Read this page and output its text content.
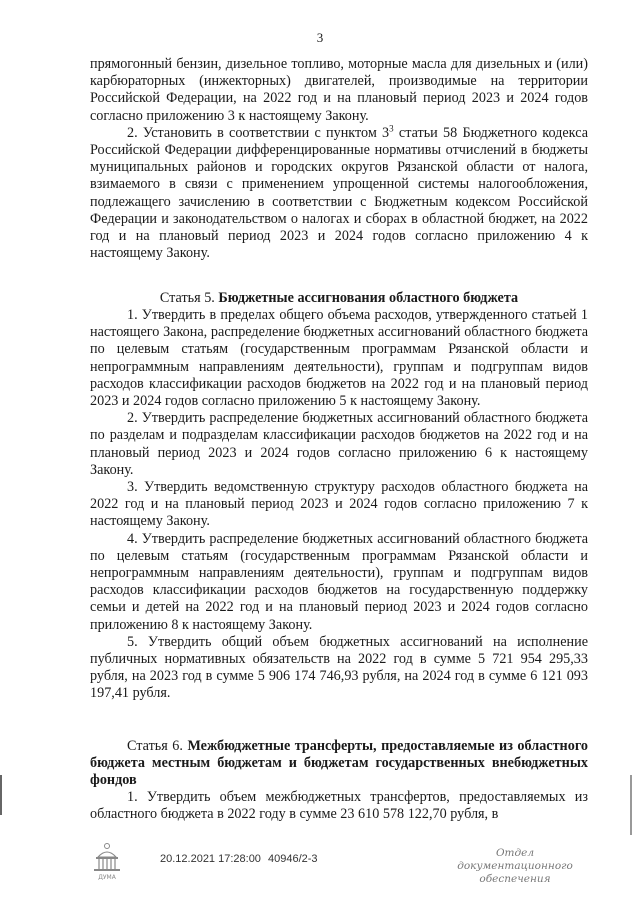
3

прямогонный бензин, дизельное топливо, моторные масла для дизельных и (или) карбюраторных (инжекторных) двигателей, производимые на территории Российской Федерации, на 2022 год и на плановый период 2023 и 2024 годов согласно приложению 3 к настоящему Закону.

2. Установить в соответствии с пунктом $3^3$ статьи 58 Бюджетного кодекса Российской Федерации дифференцированные нормативы отчислений в бюджеты муниципальных районов и городских округов Рязанской области от налога, взимаемого в связи с применением упрощенной системы налогообложения, подлежащего зачислению в соответствии с Бюджетным кодексом Российской Федерации и законодательством о налогах и сборах в областной бюджет, на 2022 год и на плановый период 2023 и 2024 годов согласно приложению 4 к настоящему Закону.

Статья 5. Бюджетные ассигнования областного бюджета

1. Утвердить в пределах общего объема расходов, утвержденного статьей 1 настоящего Закона, распределение бюджетных ассигнований областного бюджета по целевым статьям (государственным программам Рязанской области и непрограммным направлениям деятельности), группам и подгруппам видов расходов классификации расходов бюджетов на 2022 год и на плановый период 2023 и 2024 годов согласно приложению 5 к настоящему Закону.

2. Утвердить распределение бюджетных ассигнований областного бюджета по разделам и подразделам классификации расходов бюджетов на 2022 год и на плановый период 2023 и 2024 годов согласно приложению 6 к настоящему Закону.

3. Утвердить ведомственную структуру расходов областного бюджета на 2022 год и на плановый период 2023 и 2024 годов согласно приложению 7 к настоящему Закону.

4. Утвердить распределение бюджетных ассигнований областного бюджета по целевым статьям (государственным программам Рязанской области и непрограммным направлениям деятельности), группам и подгруппам видов расходов классификации расходов бюджетов на государственную поддержку семьи и детей на 2022 год и на плановый период 2023 и 2024 годов согласно приложению 8 к настоящему Закону.

5. Утвердить общий объем бюджетных ассигнований на исполнение публичных нормативных обязательств на 2022 год в сумме 5 721 954 295,33 рубля, на 2023 год в сумме 5 906 174 746,93 рубля, на 2024 год в сумме 6 121 093 197,41 рубля.

Статья 6. Межбюджетные трансферты, предоставляемые из областного бюджета местным бюджетам и бюджетам государственных внебюджетных фондов

1. Утвердить объем межбюджетных трансфертов, предоставляемых из областного бюджета в 2022 году в сумме 23 610 578 122,70 рубля, в

ДУМА
20.12.2021 17:28:00 40946/2-3	Отдел документационного обеспечения
